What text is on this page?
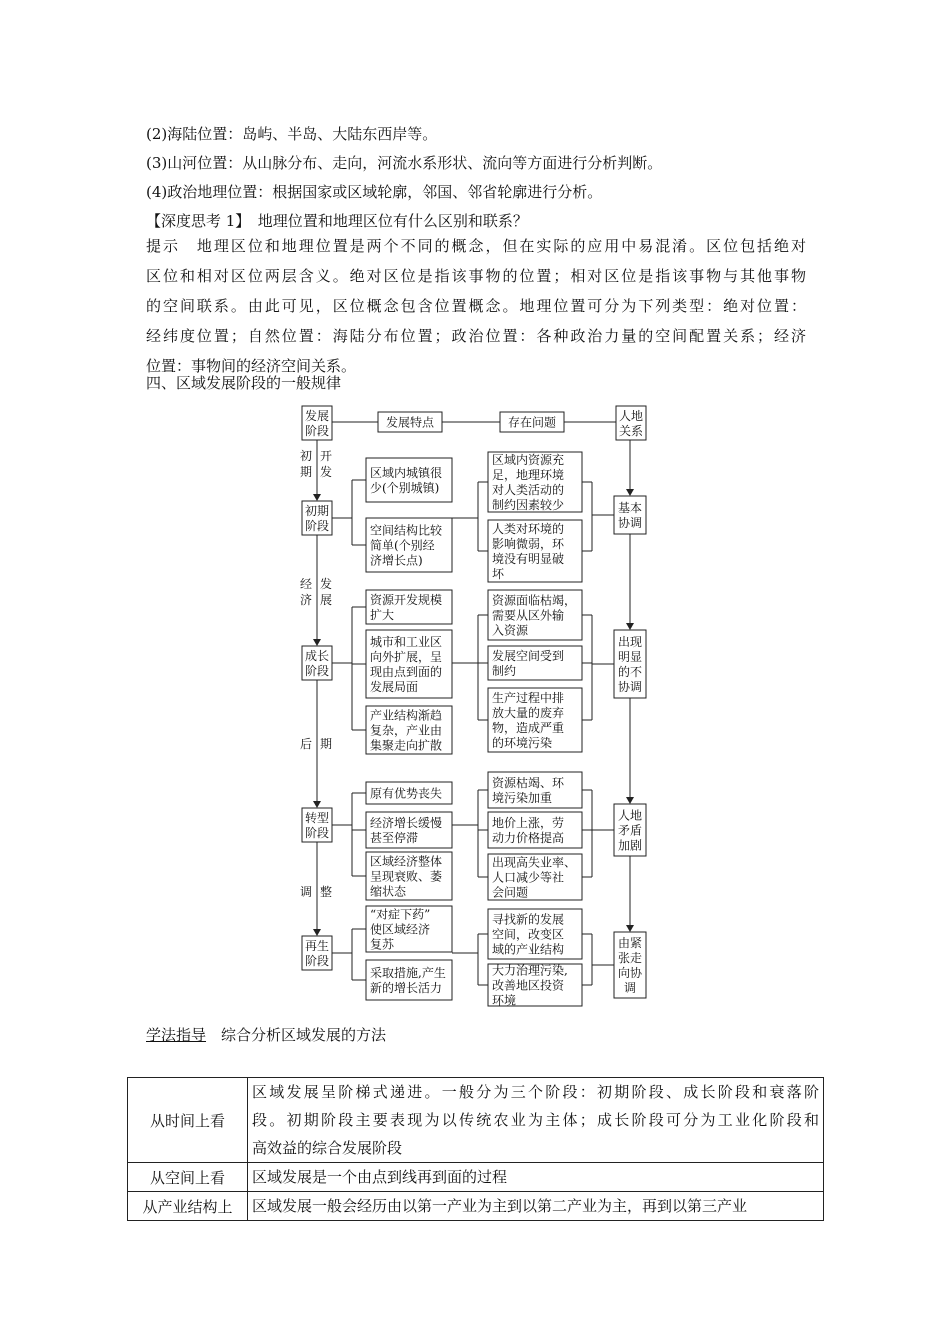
(2)海陆位置：岛屿、半岛、大陆东西岸等。
(3)山河位置：从山脉分布、走向，河流水系形状、流向等方面进行分析判断。
(4)政治地理位置：根据国家或区域轮廓，邻国、邻省轮廓进行分析。
【深度思考 1】　地理位置和地理区位有什么区别和联系？
提示　地理区位和地理位置是两个不同的概念，但在实际的应用中易混淆。区位包括绝对
区位和相对区位两层含义。绝对区位是指该事物的位置；相对区位是指该事物与其他事物
的空间联系。由此可见，区位概念包含位置概念。地理位置可分为下列类型：绝对位置：
经纬度位置；自然位置：海陆分布位置；政治位置：各种政治力量的空间配置关系；经济
位置：事物间的经济空间关系。
四、区域发展阶段的一般规律
发展
阶段
发展特点	存在问题	人地
关系
初期
阶段
区域内城镇很
少(个别城镇)
空间结构比较
简单(个别经
济增长点)
区域内资源充
足，地理环境
对人类活动的
制约因素较少
人类对环境的
影响微弱，环
境没有明显破
坏
基本
协调
成长
阶段
资源开发规模
扩大
城市和工业区
向外扩展，呈
现由点到面的
发展局面
产业结构渐趋
复杂，产业由
集聚走向扩散
资源面临枯竭，
需要从区外输
入资源
发展空间受到
制约
生产过程中排
放大量的废弃
物，造成严重
的环境污染
出现
明显
的不
协调
转型
阶段
原有优势丧失
经济增长缓慢
甚至停滞
区域经济整体
呈现衰败、萎
缩状态
资源枯竭、环
境污染加重
地价上涨，劳
动力价格提高
出现高失业率、
人口减少等社
会问题
人地
矛盾
加剧
再生
阶段
“对症下药”
使区域经济
复苏
采取措施,产生
新的增长活力
寻找新的发展
空间，改变区
域的产业结构
大力治理污染,
改善地区投资
环境
由紧
张走
向协
调
初
期
开
发
经
济
发
展
后 期
调 整
学法指导　 综合分析区域发展的方法
从时间上看	区域发展呈阶梯式递进。一般分为三个阶段：初期阶段、成长阶段和衰落阶
段。初期阶段主要表现为以传统农业为主体；成长阶段可分为工业化阶段和
高效益的综合发展阶段

从空间上看	区域发展是一个由点到线再到面的过程

从产业结构上	区域发展一般会经历由以第一产业为主到以第二产业为主，再到以第三产业
